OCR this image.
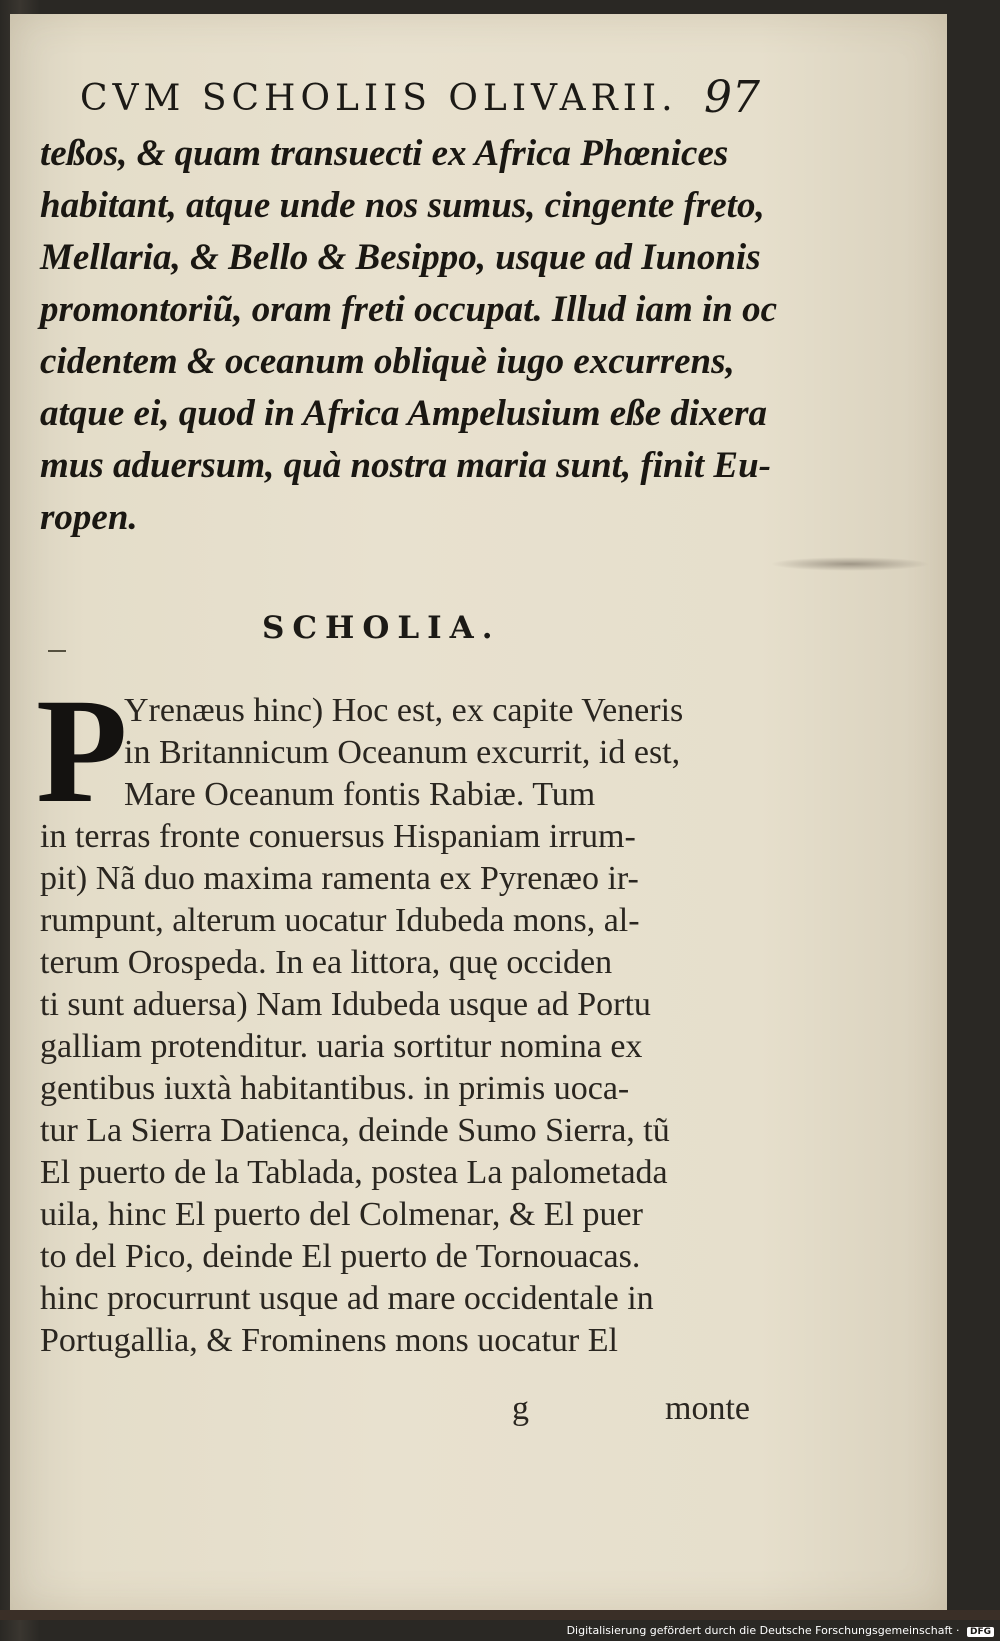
CVM SCHOLIIS OLIVARII. 97
teßos, & quam transuecti ex Africa Phœnices
habitant, atque unde nos sumus, cingente freto,
Mellaria, & Bello & Besippo, usque ad Iunonis
promontoriũ, oram freti occupat. Illud iam in oc
cidentem & oceanum obliquè iugo excurrens,
atque ei, quod in Africa Ampelusium eße dixera
mus aduersum, quà nostra maria sunt, finit Eu-
ropen.
SCHOLIA.
P
Yrenæus hinc) Hoc est, ex capite Veneris
in Britannicum Oceanum excurrit, id est,
Mare Oceanum fontis Rabiæ. Tum
in terras fronte conuersus Hispaniam irrum-
pit) Nã duo maxima ramenta ex Pyrenæo ir-
rumpunt, alterum uocatur Idubeda mons, al-
terum Orospeda. In ea littora, quę occiden
ti sunt aduersa) Nam Idubeda usque ad Portu
galliam protenditur. uaria sortitur nomina ex
gentibus iuxtà habitantibus. in primis uoca-
tur La Sierra Datienca, deinde Sumo Sierra, tũ
El puerto de la Tablada, postea La palometada
uila, hinc El puerto del Colmenar, & El puer
to del Pico, deinde El puerto de Tornouacas.
hinc procurrunt usque ad mare occidentale in
Portugallia, & Frominens mons uocatur El
g	monte
Digitalisierung gefördert durch die Deutsche Forschungsgemeinschaft · DFG
